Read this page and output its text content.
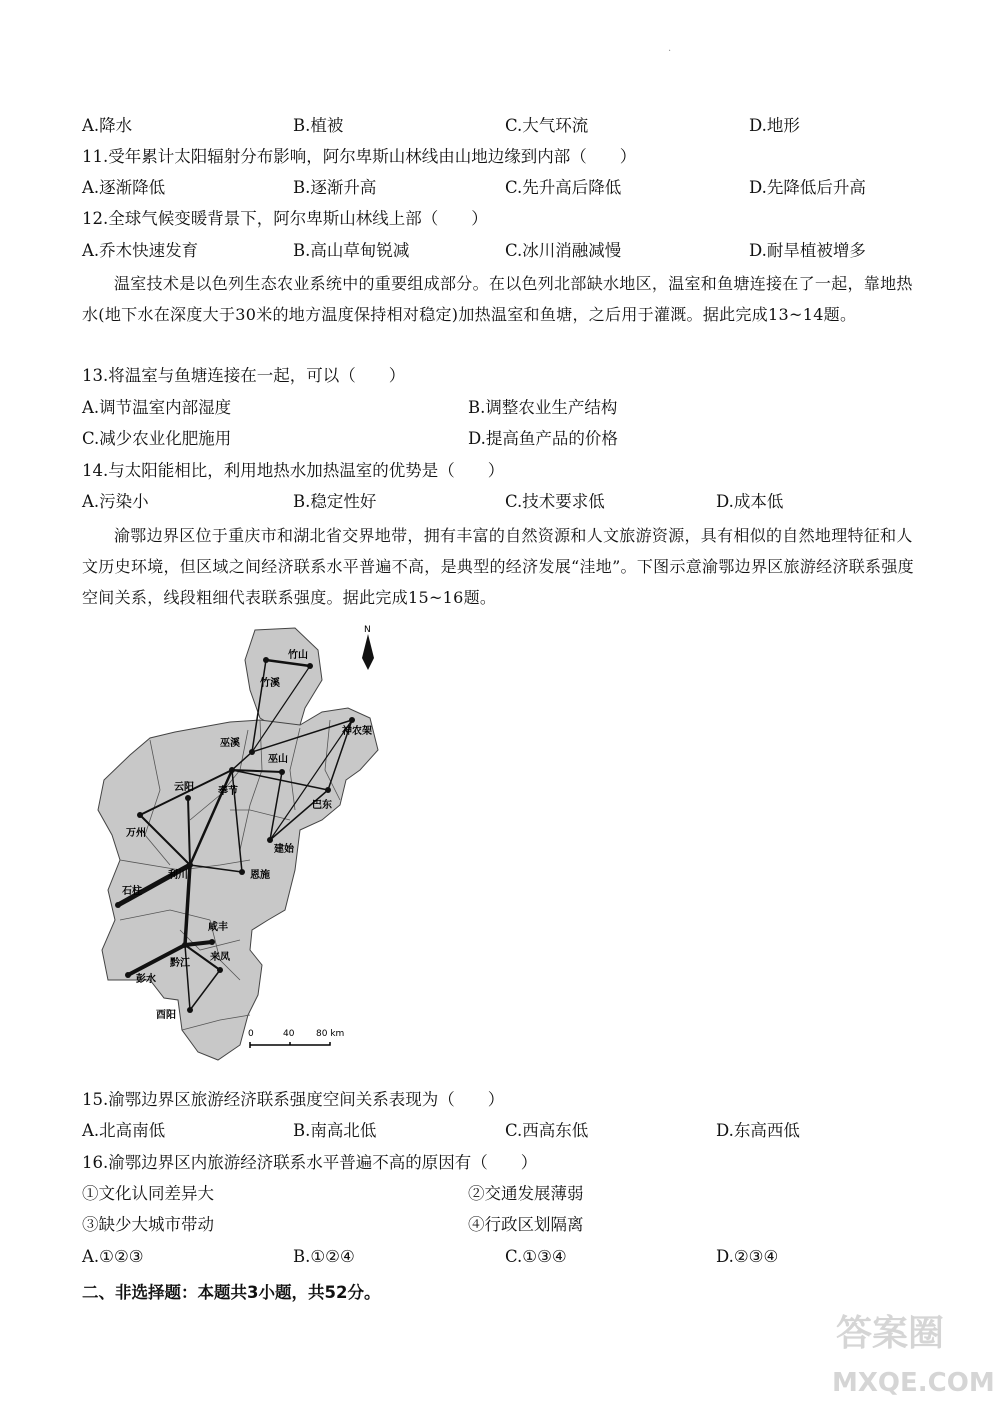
·
A.降水	B.植被	C.大气环流	D.地形
11.受年累计太阳辐射分布影响，阿尔卑斯山林线由山地边缘到内部（　　）
A.逐渐降低	B.逐渐升高	C.先升高后降低	D.先降低后升高
12.全球气候变暖背景下，阿尔卑斯山林线上部（　　）
A.乔木快速发育	B.高山草甸锐减	C.冰川消融减慢	D.耐旱植被增多
温室技术是以色列生态农业系统中的重要组成部分。在以色列北部缺水地区，温室和鱼塘连接在了一起，靠地热水(地下水在深度大于30米的地方温度保持相对稳定)加热温室和鱼塘，之后用于灌溉。据此完成13~14题。
13.将温室与鱼塘连接在一起，可以（　　）
A.调节温室内部湿度	B.调整农业生产结构
C.减少农业化肥施用	D.提高鱼产品的价格
14.与太阳能相比，利用地热水加热温室的优势是（　　）
A.污染小	B.稳定性好	C.技术要求低	D.成本低
渝鄂边界区位于重庆市和湖北省交界地带，拥有丰富的自然资源和人文旅游资源，具有相似的自然地理特征和人文历史环境，但区域之间经济联系水平普遍不高，是典型的经济发展“洼地”。下图示意渝鄂边界区旅游经济联系强度空间关系，线段粗细代表联系强度。据此完成15~16题。
竹山
竹溪
巫溪
神农架
云阳 奉节
巫山
巴东
万州
建始
恩施
利川
石柱
咸丰
黔江
来凤
彭水
酉阳
N
0	40 80 km
15.渝鄂边界区旅游经济联系强度空间关系表现为（　　）
A.北高南低	B.南高北低	C.西高东低	D.东高西低
16.渝鄂边界区内旅游经济联系水平普遍不高的原因有（　　）
①文化认同差异大	②交通发展薄弱
③缺少大城市带动	④行政区划隔离
A.①②③	B.①②④	C.①③④	D.②③④
二、非选择题：本题共3小题，共52分。
答案圈
MXQE.COM
